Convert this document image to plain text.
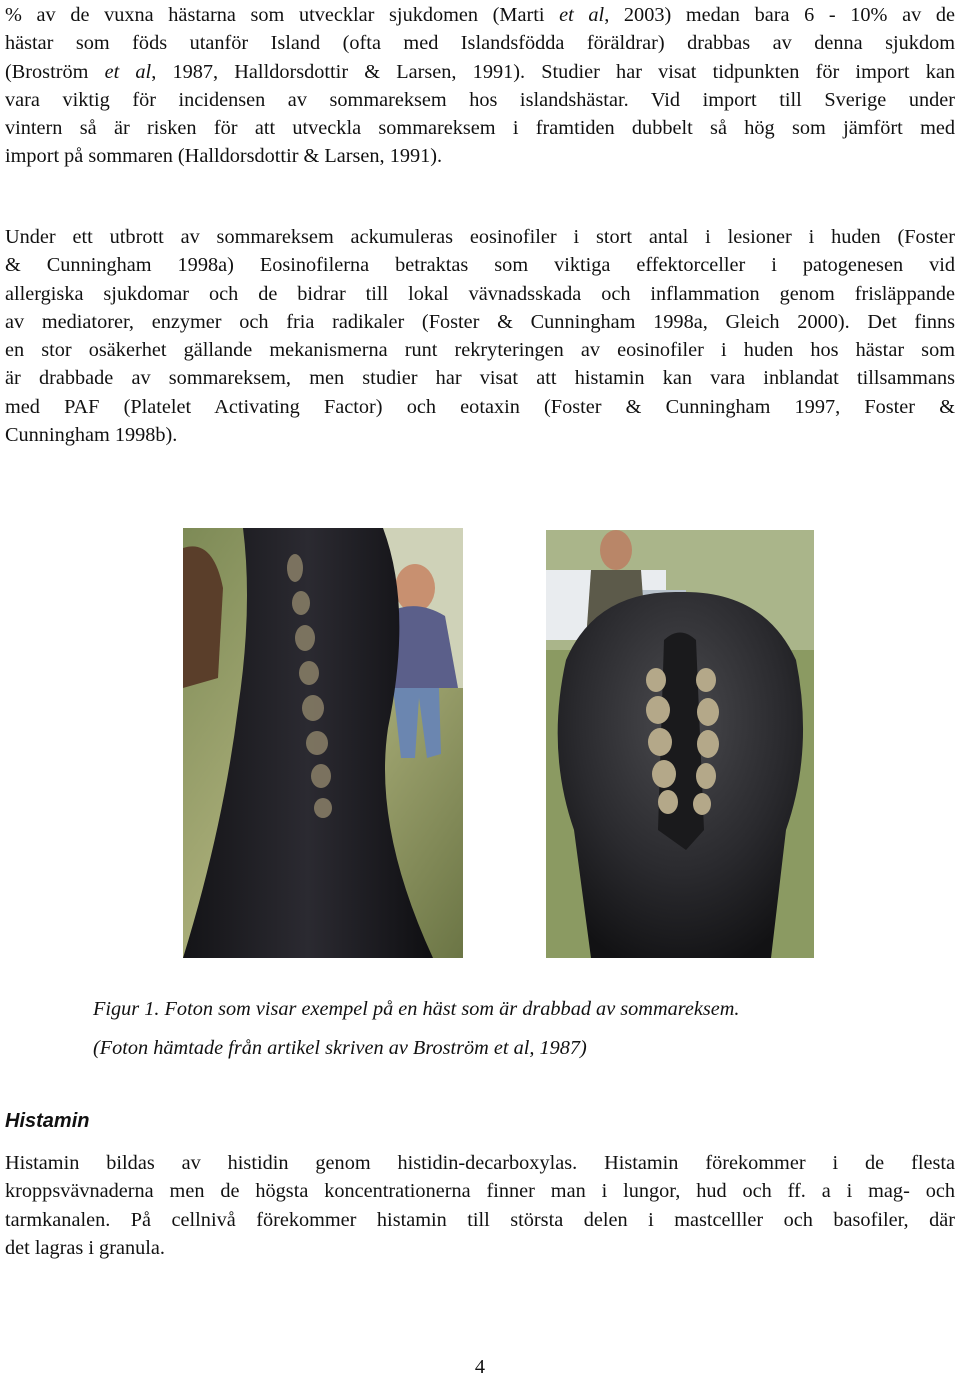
% av de vuxna hästarna som utvecklar sjukdomen (Marti et al, 2003) medan bara 6 - 10% av de
hästar som föds utanför Island (ofta med Islandsfödda föräldrar) drabbas av denna sjukdom
(Broström et al, 1987, Halldorsdottir & Larsen, 1991). Studier har visat tidpunkten för import kan
vara viktig för incidensen av sommareksem hos islandshästar. Vid import till Sverige under
vintern så är risken för att utveckla sommareksem i framtiden dubbelt så hög som jämfört med
import på sommaren (Halldorsdottir & Larsen, 1991).
Under ett utbrott av sommareksem ackumuleras eosinofiler i stort antal i lesioner i huden (Foster
& Cunningham 1998a) Eosinofilerna betraktas som viktiga effektorceller i patogenesen vid
allergiska sjukdomar och de bidrar till lokal vävnadsskada och inflammation genom frisläppande
av mediatorer, enzymer och fria radikaler (Foster & Cunningham 1998a, Gleich 2000). Det finns
en stor osäkerhet gällande mekanismerna runt rekryteringen av eosinofiler i huden hos hästar som
är drabbade av sommareksem, men studier har visat att histamin kan vara inblandat tillsammans
med PAF (Platelet Activating Factor) och eotaxin (Foster & Cunningham 1997, Foster &
Cunningham 1998b).

Figur 1. Foton som visar exempel på en häst som är drabbad av sommareksem.

(Foton hämtade från artikel skriven av Broström et al, 1987)

Histamin
Histamin bildas av histidin genom histidin-decarboxylas. Histamin förekommer i de flesta
kroppsvävnaderna men de högsta koncentrationerna finner man i lungor, hud och ff. a i mag- och
tarmkanalen. På cellnivå förekommer histamin till största delen i mastcelller och basofiler, där
det lagras i granula.
4
